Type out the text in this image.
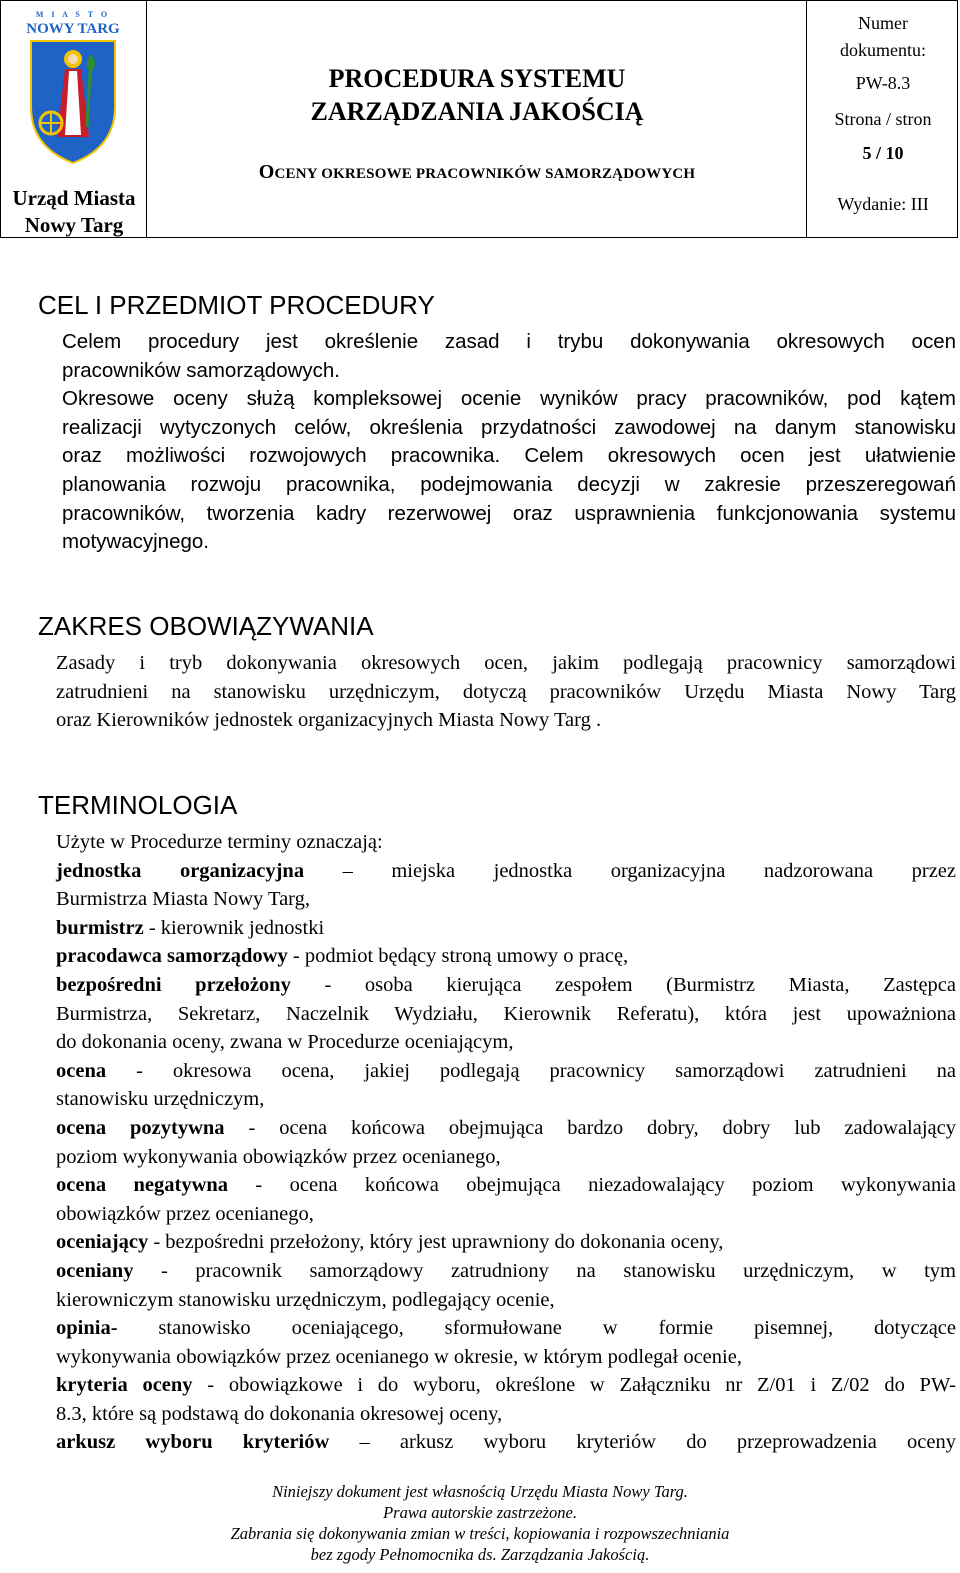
M I A S T O
NOWY TARG
Urząd Miasta
Nowy Targ
PROCEDURA SYSTEMU
ZARZĄDZANIA JAKOŚCIĄ
OCENY OKRESOWE PRACOWNIKÓW SAMORZĄDOWYCH
Numer
dokumentu:
PW-8.3
Strona / stron
5 / 10
Wydanie: III
CEL I PRZEDMIOT PROCEDURY
Celem procedury jest określenie zasad i trybu dokonywania okresowych ocen
pracowników samorządowych.
Okresowe oceny służą kompleksowej ocenie wyników pracy pracowników, pod kątem
realizacji wytyczonych celów, określenia przydatności zawodowej na danym stanowisku
oraz możliwości rozwojowych pracownika. Celem okresowych ocen jest ułatwienie
planowania rozwoju pracownika, podejmowania decyzji w zakresie przeszeregowań
pracowników, tworzenia kadry rezerwowej oraz usprawnienia funkcjonowania systemu
motywacyjnego.
ZAKRES OBOWIĄZYWANIA
Zasady i tryb dokonywania okresowych ocen, jakim podlegają pracownicy samorządowi
zatrudnieni na stanowisku urzędniczym, dotyczą pracowników Urzędu Miasta Nowy Targ
oraz Kierowników jednostek organizacyjnych Miasta Nowy Targ .
TERMINOLOGIA
Użyte w Procedurze terminy oznaczają:
jednostka organizacyjna – miejska jednostka organizacyjna nadzorowana przez
Burmistrza Miasta Nowy Targ,
burmistrz - kierownik jednostki
pracodawca samorządowy - podmiot będący stroną umowy o pracę,
bezpośredni przełożony - osoba kierująca zespołem (Burmistrz Miasta, Zastępca
Burmistrza, Sekretarz, Naczelnik Wydziału, Kierownik Referatu), która jest upoważniona
do dokonania oceny, zwana w Procedurze oceniającym,
ocena - okresowa ocena, jakiej podlegają pracownicy samorządowi zatrudnieni na
stanowisku urzędniczym,
ocena pozytywna - ocena końcowa obejmująca bardzo dobry, dobry lub zadowalający
poziom wykonywania obowiązków przez ocenianego,
ocena negatywna - ocena końcowa obejmująca niezadowalający poziom wykonywania
obowiązków przez ocenianego,
oceniający - bezpośredni przełożony, który jest uprawniony do dokonania oceny,
oceniany - pracownik samorządowy zatrudniony na stanowisku urzędniczym, w tym
kierowniczym stanowisku urzędniczym, podlegający ocenie,
opinia- stanowisko oceniającego, sformułowane w formie pisemnej, dotyczące
wykonywania obowiązków przez ocenianego w okresie, w którym podlegał ocenie,
kryteria oceny - obowiązkowe i do wyboru, określone w Załączniku nr Z/01 i Z/02 do PW-
8.3, które są podstawą do dokonania okresowej oceny,
arkusz wyboru kryteriów – arkusz wyboru kryteriów do przeprowadzenia oceny
Niniejszy dokument jest własnością Urzędu Miasta Nowy Targ.
Prawa autorskie zastrzeżone.
Zabrania się dokonywania zmian w treści, kopiowania i rozpowszechniania
bez zgody Pełnomocnika ds. Zarządzania Jakością.
